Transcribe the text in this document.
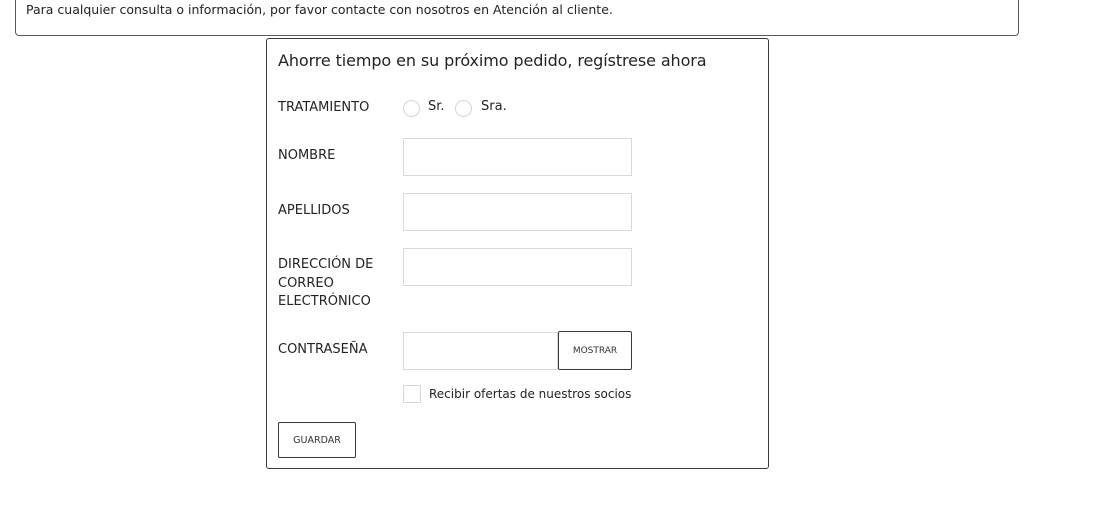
Para cualquier consulta o información, por favor contacte con nosotros en Atención al cliente.
Ahorre tiempo en su próximo pedido, regístrese ahora
TRATAMIENTO	Sr.	Sra.
NOMBRE
APELLIDOS
DIRECCIÓN DE CORREO ELECTRÓNICO
CONTRASEÑA	MOSTRAR
Recibir ofertas de nuestros socios
GUARDAR
